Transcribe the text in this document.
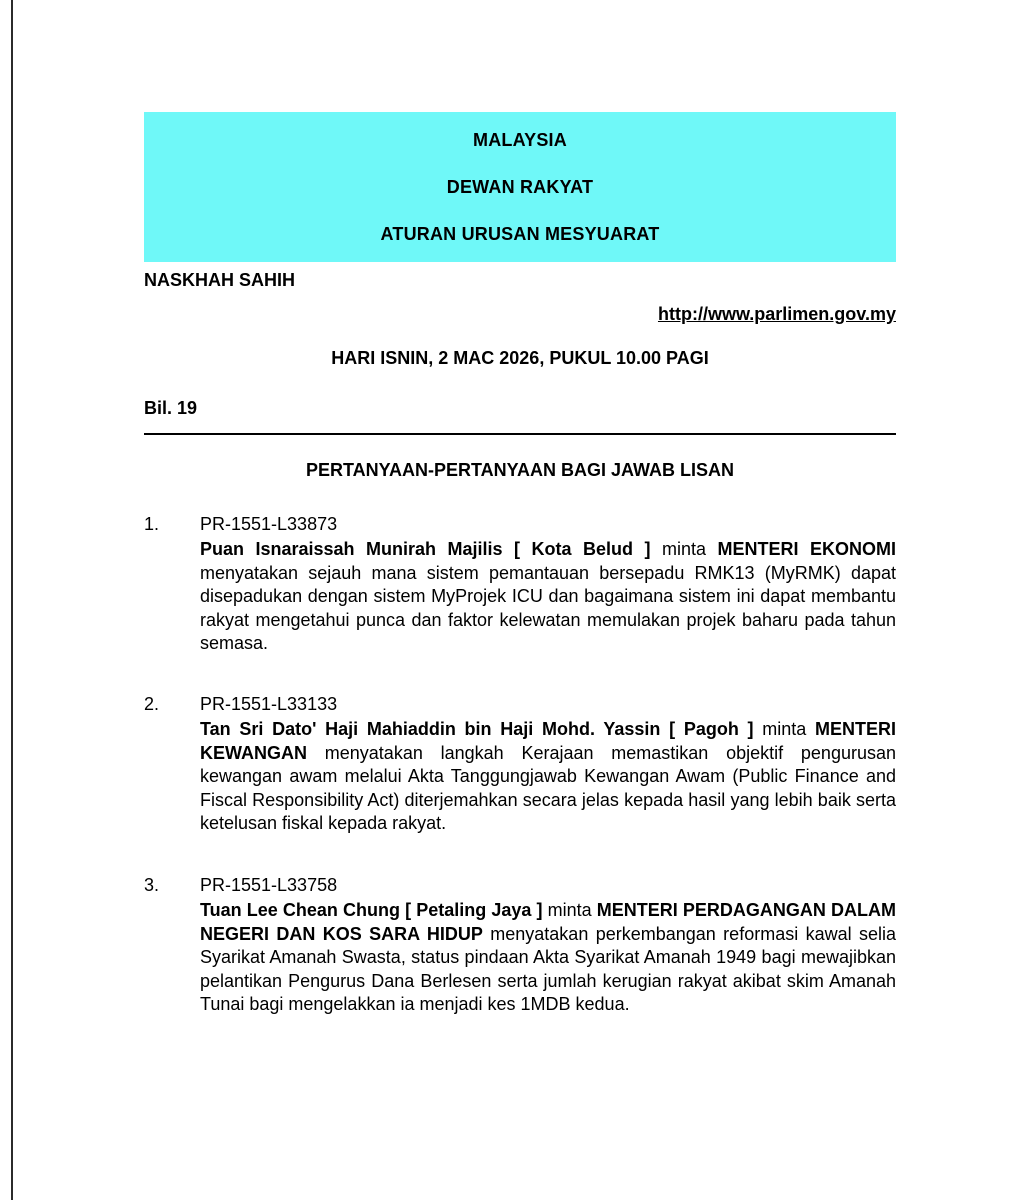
MALAYSIA
DEWAN RAKYAT
ATURAN URUSAN MESYUARAT
NASKHAH SAHIH
http://www.parlimen.gov.my
HARI ISNIN, 2 MAC 2026, PUKUL 10.00 PAGI
Bil. 19
PERTANYAAN-PERTANYAAN BAGI JAWAB LISAN
1. PR-1551-L33873
Puan Isnaraissah Munirah Majilis [ Kota Belud ] minta MENTERI EKONOMI menyatakan sejauh mana sistem pemantauan bersepadu RMK13 (MyRMK) dapat disepadukan dengan sistem MyProjek ICU dan bagaimana sistem ini dapat membantu rakyat mengetahui punca dan faktor kelewatan memulakan projek baharu pada tahun semasa.
2. PR-1551-L33133
Tan Sri Dato' Haji Mahiaddin bin Haji Mohd. Yassin [ Pagoh ] minta MENTERI KEWANGAN menyatakan langkah Kerajaan memastikan objektif pengurusan kewangan awam melalui Akta Tanggungjawab Kewangan Awam (Public Finance and Fiscal Responsibility Act) diterjemahkan secara jelas kepada hasil yang lebih baik serta ketelusan fiskal kepada rakyat.
3. PR-1551-L33758
Tuan Lee Chean Chung [ Petaling Jaya ] minta MENTERI PERDAGANGAN DALAM NEGERI DAN KOS SARA HIDUP menyatakan perkembangan reformasi kawal selia Syarikat Amanah Swasta, status pindaan Akta Syarikat Amanah 1949 bagi mewajibkan pelantikan Pengurus Dana Berlesen serta jumlah kerugian rakyat akibat skim Amanah Tunai bagi mengelakkan ia menjadi kes 1MDB kedua.
